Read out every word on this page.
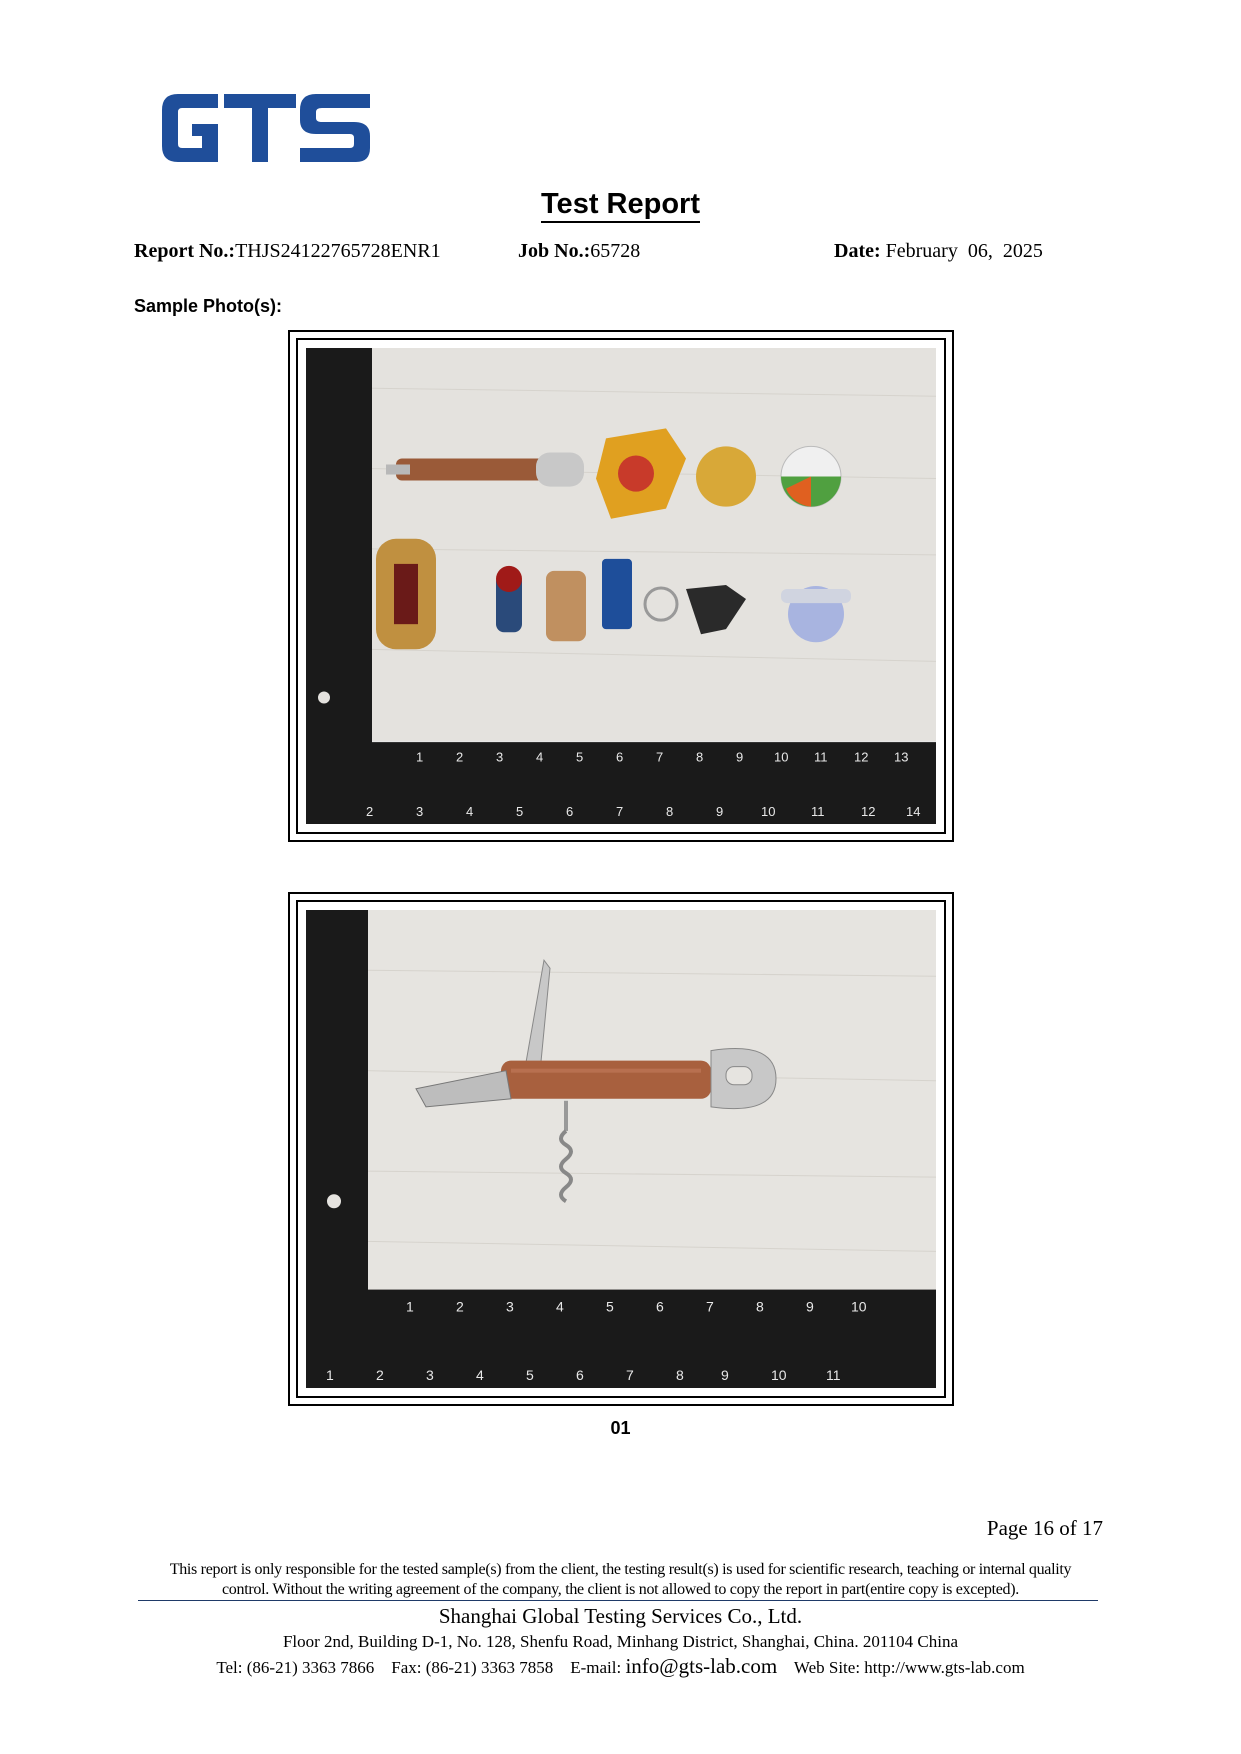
Test Report
Report No.:THJS24122765728ENR1	Job No.:65728	Date: February  06,  2025
Sample Photo(s):
1	2	3	4	5	6	7	8	9 10 11 12 13
2	3	4	5	6	7	8	9	10	11	12 14
1	2	3	4	5	6	7	8	9	10
1	2	3	4	5	6	7	8	9	10	11
01
Page 16 of 17
This report is only responsible for the tested sample(s) from the client, the testing result(s) is used for scientific research, teaching or internal quality
control. Without the writing agreement of the company, the client is not allowed to copy the report in part(entire copy is excepted).
Shanghai Global Testing Services Co., Ltd.
Floor 2nd, Building D-1, No. 128, Shenfu Road, Minhang District, Shanghai, China. 201104 China
Tel: (86-21) 3363 7866 Fax: (86-21) 3363 7858 E-mail: info@gts-lab.com Web Site: http://www.gts-lab.com
